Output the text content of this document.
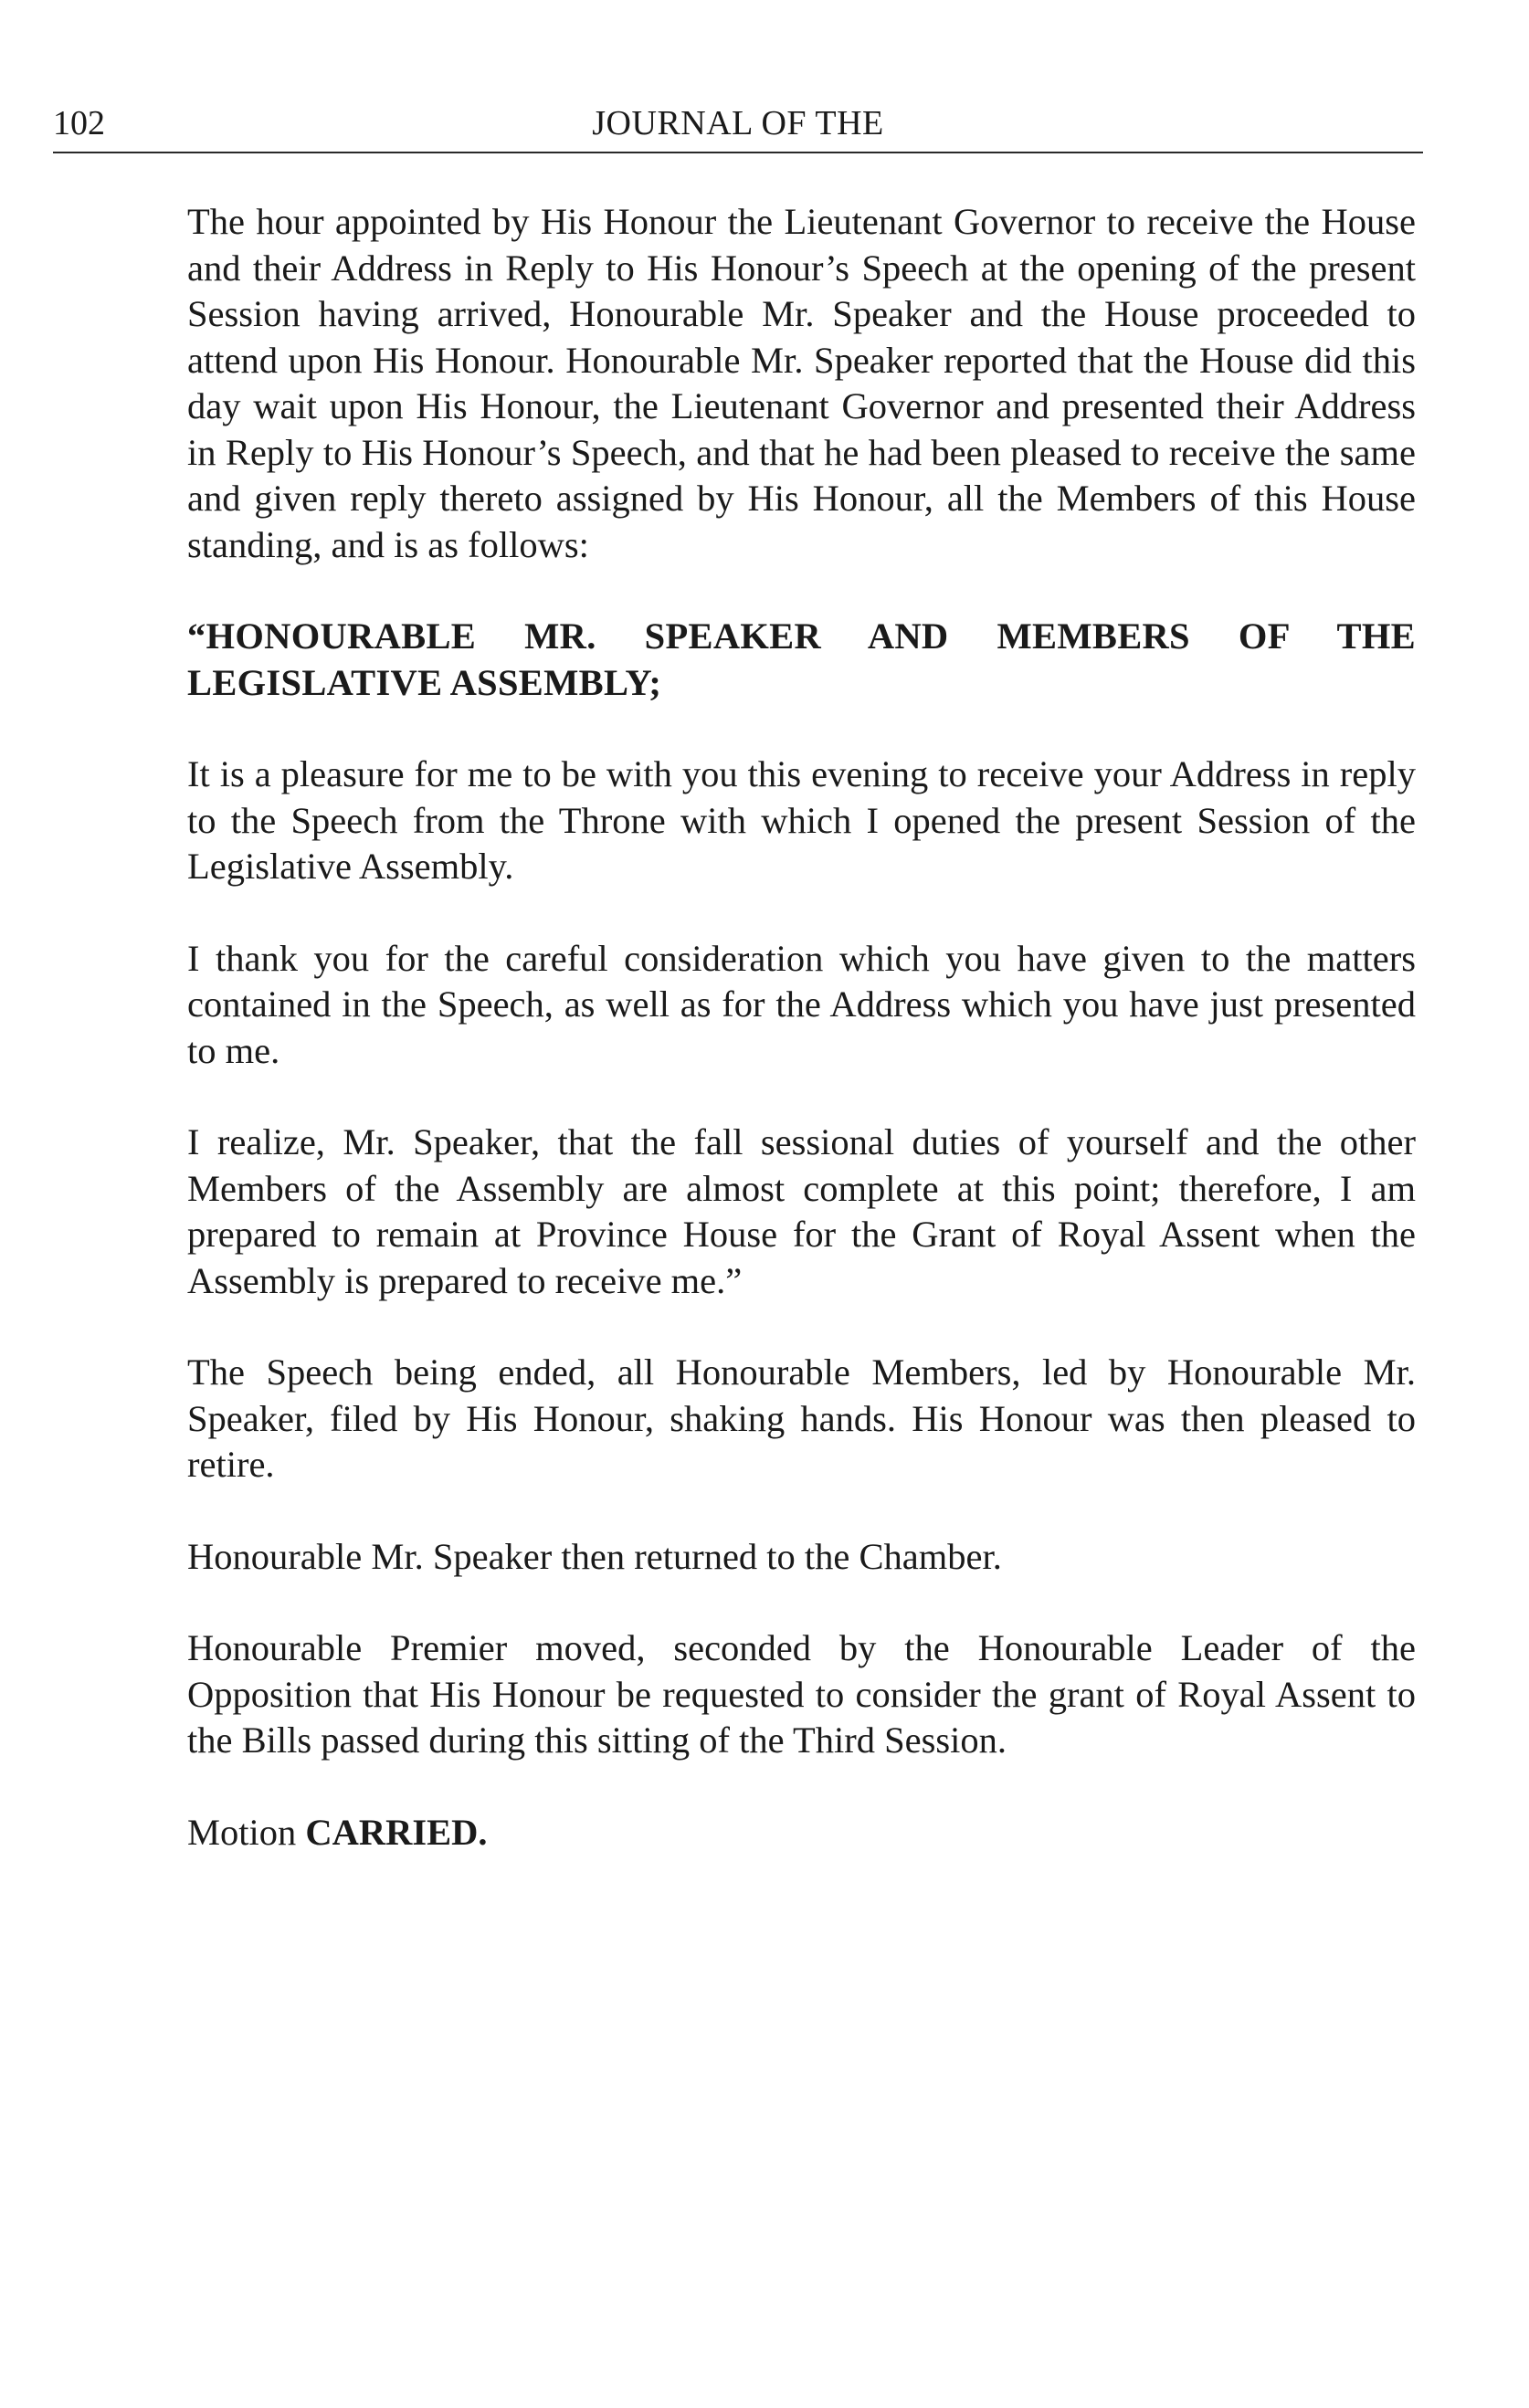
102	JOURNAL OF THE

The hour appointed by His Honour the Lieutenant Governor to receive the House and their Address in Reply to His Honour’s Speech at the opening of the present Session having arrived, Honourable Mr. Speaker and the House proceeded to attend upon His Honour. Honourable Mr. Speaker reported that the House did this day wait upon His Honour, the Lieutenant Governor and presented their Address in Reply to His Honour’s Speech, and that he had been pleased to receive the same and given reply thereto assigned by His Honour, all the Members of this House standing, and is as follows:

“HONOURABLE MR. SPEAKER AND MEMBERS OF THE LEGISLATIVE ASSEMBLY;

It is a pleasure for me to be with you this evening to receive your Address in reply to the Speech from the Throne with which I opened the present Session of the Legislative Assembly.

I thank you for the careful consideration which you have given to the matters contained in the Speech, as well as for the Address which you have just presented to me.

I realize, Mr. Speaker, that the fall sessional duties of yourself and the other Members of the Assembly are almost complete at this point; therefore, I am prepared to remain at Province House for the Grant of Royal Assent when the Assembly is prepared to receive me.”

The Speech being ended, all Honourable Members, led by Honourable Mr. Speaker, filed by His Honour, shaking hands. His Honour was then pleased to retire.

Honourable Mr. Speaker then returned to the Chamber.

Honourable Premier moved, seconded by the Honourable Leader of the Opposition that His Honour be requested to consider the grant of Royal Assent to the Bills passed during this sitting of the Third Session.

Motion CARRIED.
